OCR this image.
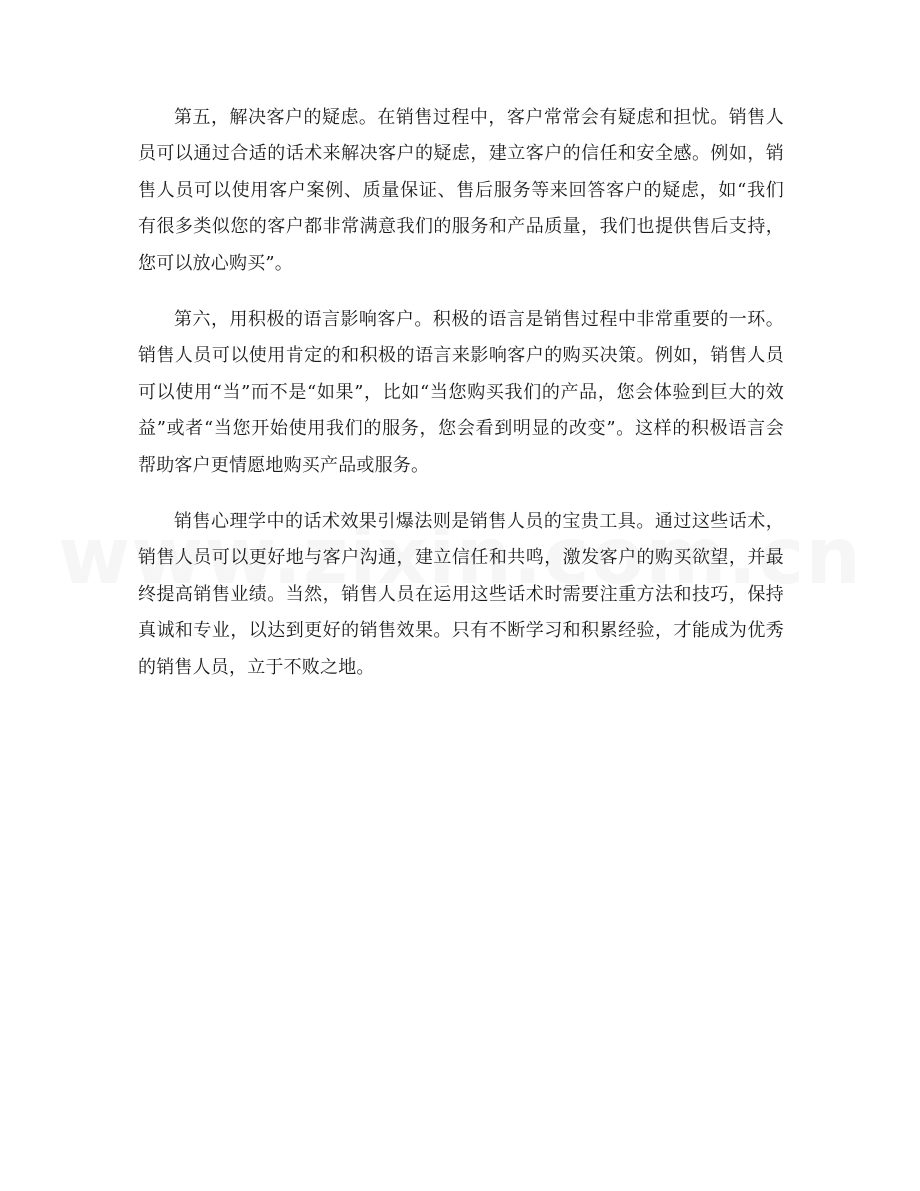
第五，解决客户的疑虑。在销售过程中，客户常常会有疑虑和担忧。销售人员可以通过合适的话术来解决客户的疑虑，建立客户的信任和安全感。例如，销售人员可以使用客户案例、质量保证、售后服务等来回答客户的疑虑，如“我们有很多类似您的客户都非常满意我们的服务和产品质量，我们也提供售后支持，您可以放心购买”。

第六，用积极的语言影响客户。积极的语言是销售过程中非常重要的一环。销售人员可以使用肯定的和积极的语言来影响客户的购买决策。例如，销售人员可以使用“当”而不是“如果”，比如“当您购买我们的产品，您会体验到巨大的效益”或者“当您开始使用我们的服务，您会看到明显的改变”。这样的积极语言会帮助客户更情愿地购买产品或服务。

销售心理学中的话术效果引爆法则是销售人员的宝贵工具。通过这些话术，销售人员可以更好地与客户沟通，建立信任和共鸣，激发客户的购买欲望，并最终提高销售业绩。当然，销售人员在运用这些话术时需要注重方法和技巧，保持真诚和专业，以达到更好的销售效果。只有不断学习和积累经验，才能成为优秀的销售人员，立于不败之地。
